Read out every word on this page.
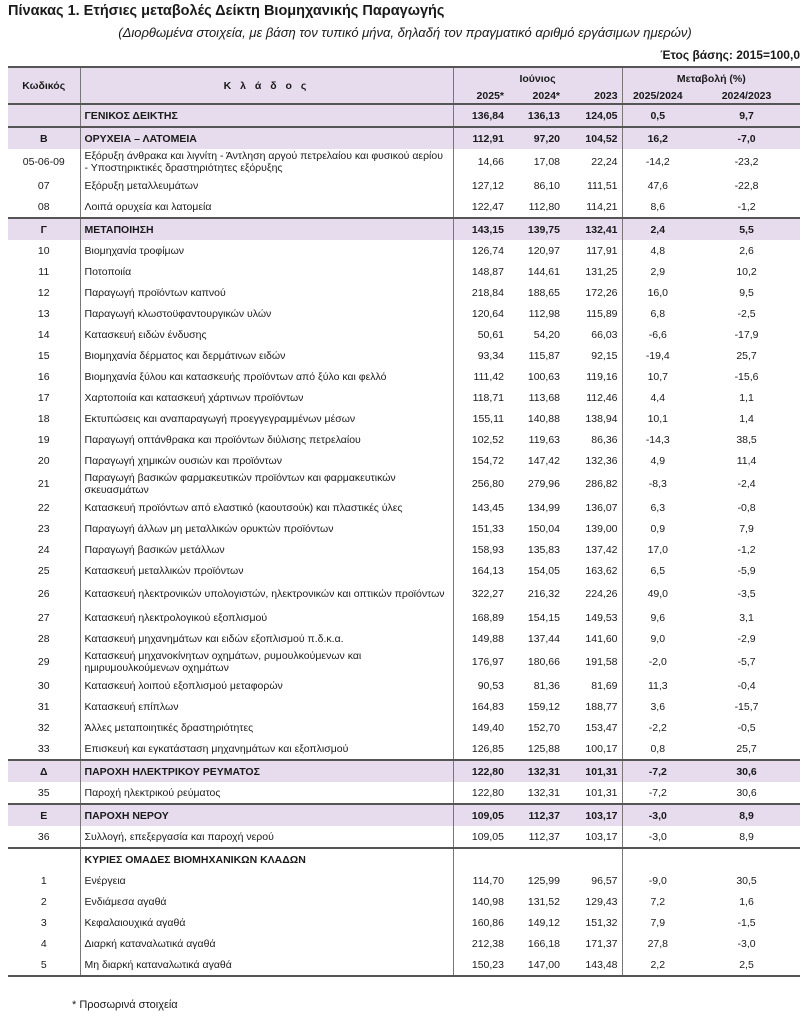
Πίνακας 1. Ετήσιες μεταβολές Δείκτη Βιομηχανικής Παραγωγής
(Διορθωμένα στοιχεία, με βάση τον τυπικό μήνα, δηλαδή τον πραγματικό αριθμό εργάσιμων ημερών)
Έτος βάσης: 2015=100,0
Κωδικός	Κ λ ά δ ο ς	Ιούνιος			Μεταβολή (%)	
		2025*	2024*	2023	2025/2024	2024/2023
	ΓΕΝΙΚΟΣ ΔΕΙΚΤΗΣ	136,84	136,13	124,05	0,5	9,7
Β	ΟΡΥΧΕΙΑ – ΛΑΤΟΜΕΙΑ	112,91	97,20	104,52	16,2	-7,0
05-06-09	Εξόρυξη άνθρακα και λιγνίτη - Άντληση αργού πετρελαίου και φυσικού αερίου - Υποστηρικτικές δραστηριότητες εξόρυξης	14,66	17,08	22,24	-14,2	-23,2
07	Εξόρυξη μεταλλευμάτων	127,12	86,10	111,51	47,6	-22,8
08	Λοιπά ορυχεία και λατομεία	122,47	112,80	114,21	8,6	-1,2
Γ	ΜΕΤΑΠΟΙΗΣΗ	143,15	139,75	132,41	2,4	5,5
10	Βιομηχανία τροφίμων	126,74	120,97	117,91	4,8	2,6
11	Ποτοποιία	148,87	144,61	131,25	2,9	10,2
12	Παραγωγή προϊόντων καπνού	218,84	188,65	172,26	16,0	9,5
13	Παραγωγή κλωστοϋφαντουργικών υλών	120,64	112,98	115,89	6,8	-2,5
14	Κατασκευή ειδών ένδυσης	50,61	54,20	66,03	-6,6	-17,9
15	Βιομηχανία δέρματος και δερμάτινων ειδών	93,34	115,87	92,15	-19,4	25,7
16	Βιομηχανία ξύλου και κατασκευής προϊόντων από ξύλο και φελλό	111,42	100,63	119,16	10,7	-15,6
17	Χαρτοποιία και κατασκευή χάρτινων προϊόντων	118,71	113,68	112,46	4,4	1,1
18	Εκτυπώσεις και αναπαραγωγή προεγγεγραμμένων μέσων	155,11	140,88	138,94	10,1	1,4
19	Παραγωγή οπτάνθρακα και προϊόντων διύλισης πετρελαίου	102,52	119,63	86,36	-14,3	38,5
20	Παραγωγή χημικών ουσιών και προϊόντων	154,72	147,42	132,36	4,9	11,4
21	Παραγωγή βασικών φαρμακευτικών προϊόντων και φαρμακευτικών σκευασμάτων	256,80	279,96	286,82	-8,3	-2,4
22	Κατασκευή προϊόντων από ελαστικό (καουτσούκ) και πλαστικές ύλες	143,45	134,99	136,07	6,3	-0,8
23	Παραγωγή άλλων μη μεταλλικών ορυκτών προϊόντων	151,33	150,04	139,00	0,9	7,9
24	Παραγωγή βασικών μετάλλων	158,93	135,83	137,42	17,0	-1,2
25	Κατασκευή μεταλλικών προϊόντων	164,13	154,05	163,62	6,5	-5,9
26	Κατασκευή ηλεκτρονικών υπολογιστών, ηλεκτρονικών και οπτικών προϊόντων	322,27	216,32	224,26	49,0	-3,5
27	Κατασκευή ηλεκτρολογικού εξοπλισμού	168,89	154,15	149,53	9,6	3,1
28	Κατασκευή μηχανημάτων και ειδών εξοπλισμού π.δ.κ.α.	149,88	137,44	141,60	9,0	-2,9
29	Κατασκευή μηχανοκίνητων οχημάτων, ρυμουλκούμενων και ημιρυμουλκούμενων οχημάτων	176,97	180,66	191,58	-2,0	-5,7
30	Κατασκευή λοιπού εξοπλισμού μεταφορών	90,53	81,36	81,69	11,3	-0,4
31	Κατασκευή επίπλων	164,83	159,12	188,77	3,6	-15,7
32	Άλλες μεταποιητικές δραστηριότητες	149,40	152,70	153,47	-2,2	-0,5
33	Επισκευή και εγκατάσταση μηχανημάτων και εξοπλισμού	126,85	125,88	100,17	0,8	25,7
Δ	ΠΑΡΟΧΗ ΗΛΕΚΤΡΙΚΟΥ ΡΕΥΜΑΤΟΣ	122,80	132,31	101,31	-7,2	30,6
35	Παροχή ηλεκτρικού ρεύματος	122,80	132,31	101,31	-7,2	30,6
Ε	ΠΑΡΟΧΗ ΝΕΡΟΥ	109,05	112,37	103,17	-3,0	8,9
36	Συλλογή, επεξεργασία και παροχή νερού	109,05	112,37	103,17	-3,0	8,9
	ΚΥΡΙΕΣ ΟΜΑΔΕΣ ΒΙΟΜΗΧΑΝΙΚΩΝ ΚΛΑΔΩΝ					
1	Ενέργεια	114,70	125,99	96,57	-9,0	30,5
2	Ενδιάμεσα αγαθά	140,98	131,52	129,43	7,2	1,6
3	Κεφαλαιουχικά αγαθά	160,86	149,12	151,32	7,9	-1,5
4	Διαρκή καταναλωτικά αγαθά	212,38	166,18	171,37	27,8	-3,0
5	Μη διαρκή καταναλωτικά αγαθά	150,23	147,00	143,48	2,2	2,5
* Προσωρινά στοιχεία
